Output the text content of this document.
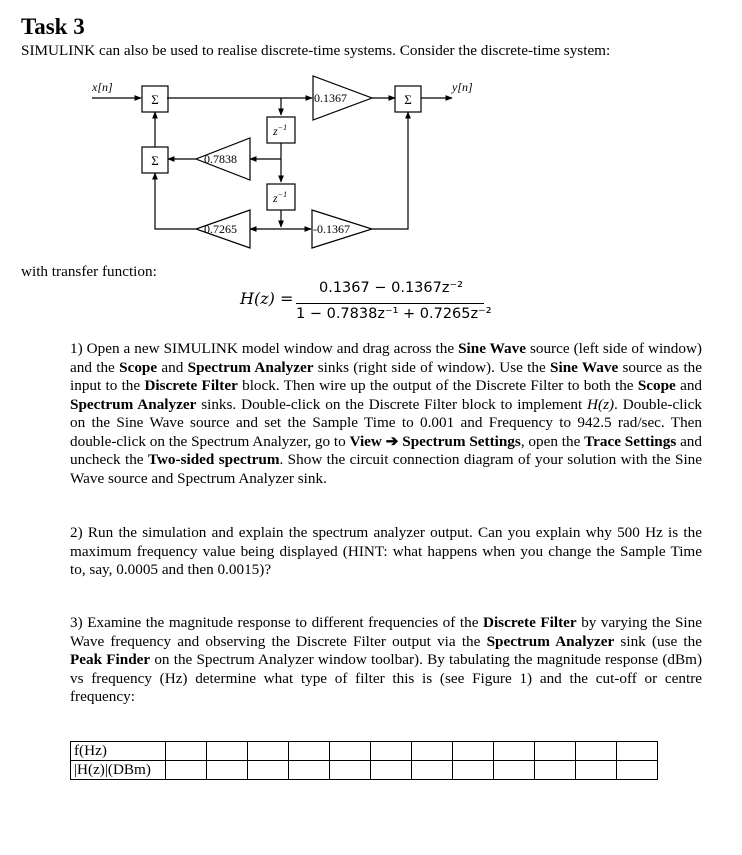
Task 3
SIMULINK can also be used to realise discrete-time systems. Consider the discrete-time system:
x[n]	y[n]
Σ
Σ
Σ
$z^{-1}$
$z^{-1}$
0.1367
0.7838
0.7265	-0.1367
with transfer function:
H(z) =
0.1367 − 0.1367z⁻²
1 − 0.7838z⁻¹ + 0.7265z⁻²

1) Open a new SIMULINK model window and drag across the Sine Wave source (left side of window) and the Scope and Spectrum Analyzer sinks (right side of window). Use the Sine Wave source as the input to the Discrete Filter block. Then wire up the output of the Discrete Filter to both the Scope and Spectrum Analyzer sinks. Double-click on the Discrete Filter block to implement H(z). Double-click on the Sine Wave source and set the Sample Time to 0.001 and Frequency to 942.5 rad/sec. Then double-click on the Spectrum Analyzer, go to View ➔ Spectrum Settings, open the Trace Settings and uncheck the Two-sided spectrum. Show the circuit connection diagram of your solution with the Sine Wave source and Spectrum Analyzer sink.

2) Run the simulation and explain the spectrum analyzer output. Can you explain why 500 Hz is the maximum frequency value being displayed (HINT: what happens when you change the Sample Time to, say, 0.0005 and then 0.0015)?

3) Examine the magnitude response to different frequencies of the Discrete Filter by varying the Sine Wave frequency and observing the Discrete Filter output via the Spectrum Analyzer sink (use the Peak Finder on the Spectrum Analyzer window toolbar). By tabulating the magnitude response (dBm) vs frequency (Hz) determine what type of filter this is (see Figure 1) and the cut-off or centre frequency:

f(Hz)												
|H(z)|(DBm)												
